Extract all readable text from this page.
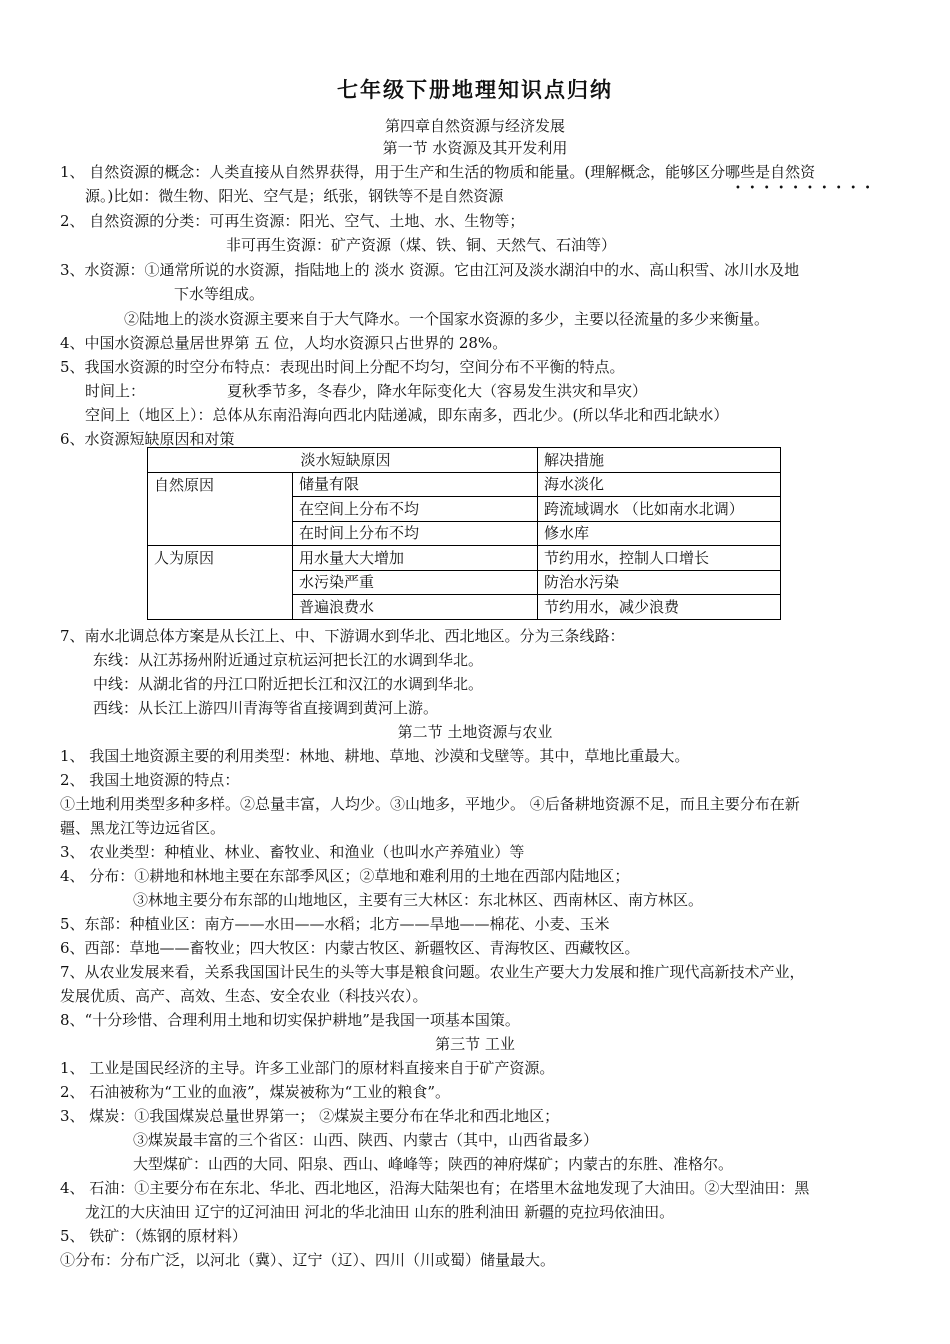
七年级下册地理知识点归纳
第四章自然资源与经济发展
第一节 水资源及其开发利用
1、 自然资源的概念：人类直接从自然界获得，用于生产和生活的物质和能量。(理解概念，能够区分哪些是自然资
••••••••••
源。)比如：微生物、阳光、空气是；纸张，钢铁等不是自然资源
2、 自然资源的分类：可再生资源：阳光、空气、土地、水、生物等；
非可再生资源：矿产资源（煤、铁、铜、天然气、石油等）
3、水资源：①通常所说的水资源，指陆地上的 淡水 资源。它由江河及淡水湖泊中的水、高山积雪、冰川水及地
下水等组成。
②陆地上的淡水资源主要来自于大气降水。一个国家水资源的多少，主要以径流量的多少来衡量。
4、中国水资源总量居世界第 五 位，人均水资源只占世界的 28%。
5、我国水资源的时空分布特点：表现出时间上分配不均匀，空间分布不平衡的特点。
时间上：	夏秋季节多，冬春少，降水年际变化大（容易发生洪灾和旱灾）
空间上（地区上）：总体从东南沿海向西北内陆递减，即东南多，西北少。(所以华北和西北缺水）
6、水资源短缺原因和对策
淡水短缺原因		解决措施
自然原因	储量有限	海水淡化
	在空间上分布不均	跨流域调水 （比如南水北调）
	在时间上分布不均	修水库
人为原因	用水量大大增加	节约用水，控制人口增长
	水污染严重	防治水污染
	普遍浪费水	节约用水，减少浪费
7、南水北调总体方案是从长江上、中、下游调水到华北、西北地区。分为三条线路：
东线：从江苏扬州附近通过京杭运河把长江的水调到华北。
中线：从湖北省的丹江口附近把长江和汉江的水调到华北。
西线：从长江上游四川青海等省直接调到黄河上游。
第二节 土地资源与农业
1、 我国土地资源主要的利用类型：林地、耕地、草地、沙漠和戈壁等。其中，草地比重最大。
2、 我国土地资源的特点：
①土地利用类型多种多样。②总量丰富，人均少。③山地多，平地少。 ④后备耕地资源不足，而且主要分布在新
疆、黑龙江等边远省区。
3、 农业类型：种植业、林业、畜牧业、和渔业（也叫水产养殖业）等
4、 分布：①耕地和林地主要在东部季风区；②草地和难利用的土地在西部内陆地区；
③林地主要分布东部的山地地区，主要有三大林区：东北林区、西南林区、南方林区。
5、东部：种植业区：南方——水田——水稻；北方——旱地——棉花、小麦、玉米
6、西部：草地——畜牧业；四大牧区：内蒙古牧区、新疆牧区、青海牧区、西藏牧区。
7、从农业发展来看，关系我国国计民生的头等大事是粮食问题。农业生产要大力发展和推广现代高新技术产业，
发展优质、高产、高效、生态、安全农业（科技兴农）。
8、“十分珍惜、合理利用土地和切实保护耕地”是我国一项基本国策。
第三节 工业
1、 工业是国民经济的主导。许多工业部门的原材料直接来自于矿产资源。
2、 石油被称为“工业的血液”，煤炭被称为“工业的粮食”。
3、 煤炭：①我国煤炭总量世界第一； ②煤炭主要分布在华北和西北地区；
③煤炭最丰富的三个省区：山西、陕西、内蒙古（其中，山西省最多）
大型煤矿：山西的大同、阳泉、西山、峰峰等；陕西的神府煤矿；内蒙古的东胜、准格尔。
4、 石油：①主要分布在东北、华北、西北地区，沿海大陆架也有；在塔里木盆地发现了大油田。②大型油田：黑
龙江的大庆油田 辽宁的辽河油田 河北的华北油田 山东的胜利油田 新疆的克拉玛依油田。
5、 铁矿：（炼钢的原材料）
①分布：分布广泛，以河北（冀）、辽宁（辽）、四川（川或蜀）储量最大。
